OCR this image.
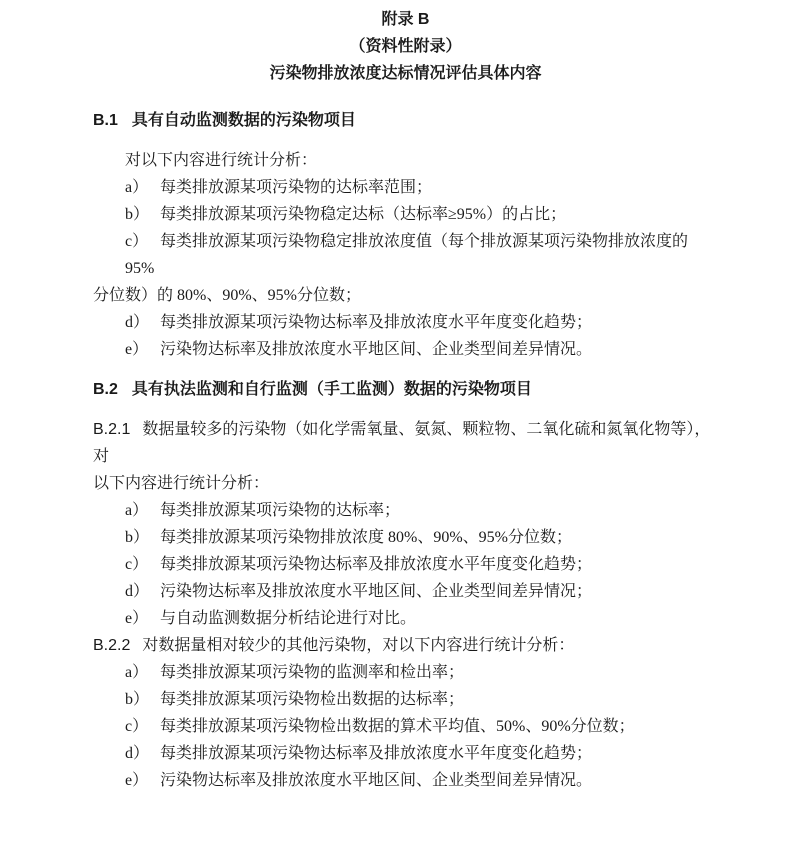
附录 B
（资料性附录）
污染物排放浓度达标情况评估具体内容
B.1 具有自动监测数据的污染物项目

对以下内容进行统计分析：

a） 每类排放源某项污染物的达标率范围；
b） 每类排放源某项污染物稳定达标（达标率≥95%）的占比；
c） 每类排放源某项污染物稳定排放浓度值（每个排放源某项污染物排放浓度的 95%
分位数）的 80%、90%、95%分位数；
d） 每类排放源某项污染物达标率及排放浓度水平年度变化趋势；
e） 污染物达标率及排放浓度水平地区间、企业类型间差异情况。
B.2 具有执法监测和自行监测（手工监测）数据的污染物项目
B.2.1 数据量较多的污染物（如化学需氧量、氨氮、颗粒物、二氧化硫和氮氧化物等），对
以下内容进行统计分析：
a） 每类排放源某项污染物的达标率；
b） 每类排放源某项污染物排放浓度 80%、90%、95%分位数；
c） 每类排放源某项污染物达标率及排放浓度水平年度变化趋势；
d） 污染物达标率及排放浓度水平地区间、企业类型间差异情况；
e） 与自动监测数据分析结论进行对比。
B.2.2 对数据量相对较少的其他污染物，对以下内容进行统计分析：
a） 每类排放源某项污染物的监测率和检出率；
b） 每类排放源某项污染物检出数据的达标率；
c） 每类排放源某项污染物检出数据的算术平均值、50%、90%分位数；
d） 每类排放源某项污染物达标率及排放浓度水平年度变化趋势；
e） 污染物达标率及排放浓度水平地区间、企业类型间差异情况。
